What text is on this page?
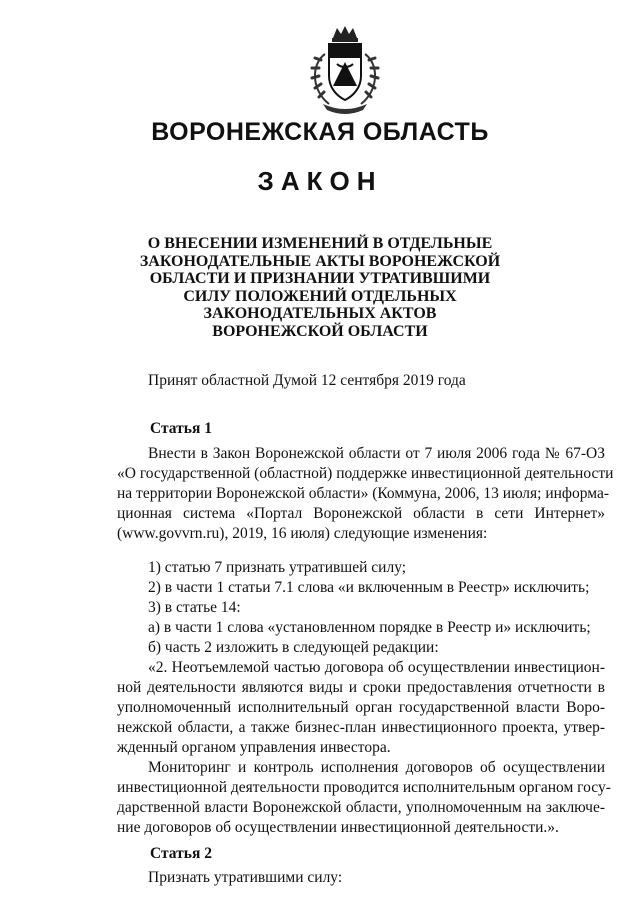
ВОРОНЕЖСКАЯ ОБЛАСТЬ
ЗАКОН
О ВНЕСЕНИИ ИЗМЕНЕНИЙ В ОТДЕЛЬНЫЕ
ЗАКОНОДАТЕЛЬНЫЕ АКТЫ ВОРОНЕЖСКОЙ
ОБЛАСТИ И ПРИЗНАНИИ УТРАТИВШИМИ
СИЛУ ПОЛОЖЕНИЙ ОТДЕЛЬНЫХ
ЗАКОНОДАТЕЛЬНЫХ АКТОВ
ВОРОНЕЖСКОЙ ОБЛАСТИ
Принят областной Думой 12 сентября 2019 года
Статья 1
Внести в Закон Воронежской области от 7 июля 2006 года № 67-ОЗ
«О государственной (областной) поддержке инвестиционной деятельности
на территории Воронежской области» (Коммуна, 2006, 13 июля; информа-
ционная система «Портал Воронежской области в сети Интернет»
(www.govvrn.ru), 2019, 16 июля) следующие изменения:
1) статью 7 признать утратившей силу;
2) в части 1 статьи 7.1 слова «и включенным в Реестр» исключить;
3) в статье 14:
а) в части 1 слова «установленном порядке в Реестр и» исключить;
б) часть 2 изложить в следующей редакции:
«2. Неотъемлемой частью договора об осуществлении инвестицион-
ной деятельности являются виды и сроки предоставления отчетности в
уполномоченный исполнительный орган государственной власти Воро-
нежской области, а также бизнес-план инвестиционного проекта, утвер-
жденный органом управления инвестора.
Мониторинг и контроль исполнения договоров об осуществлении
инвестиционной деятельности проводится исполнительным органом госу-
дарственной власти Воронежской области, уполномоченным на заключе-
ние договоров об осуществлении инвестиционной деятельности.».
Статья 2
Признать утратившими силу:
